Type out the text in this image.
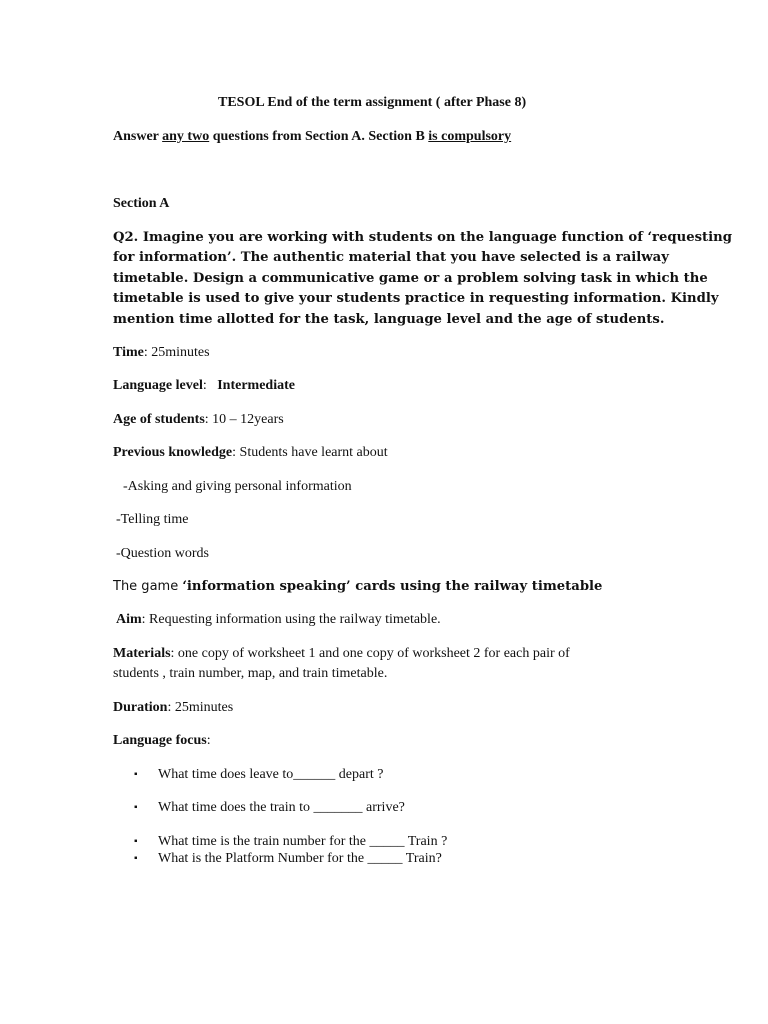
TESOL End of the term assignment ( after Phase 8)
Answer any two questions from Section A. Section B is compulsory
Section A
Q2. Imagine you are working with students on the language function of ‘requesting
for information’. The authentic material that you have selected is a railway
timetable. Design a communicative game or a problem solving task in which the
timetable is used to give your students practice in requesting information. Kindly
mention time allotted for the task, language level and the age of students.
Time: 25minutes
Language level:   Intermediate
Age of students: 10 – 12years
Previous knowledge: Students have learnt about
-Asking and giving personal information
-Telling time
-Question words
The game ‘information speaking’ cards using the railway timetable
Aim: Requesting information using the railway timetable.
Materials: one copy of worksheet 1 and one copy of worksheet 2 for each pair of
students , train number, map, and train timetable.
Duration: 25minutes
Language focus:
▪ What time does leave to______ depart ?
▪ What time does the train to _______ arrive?
▪ What time is the train number for the _____ Train ?
▪ What is the Platform Number for the _____ Train?
